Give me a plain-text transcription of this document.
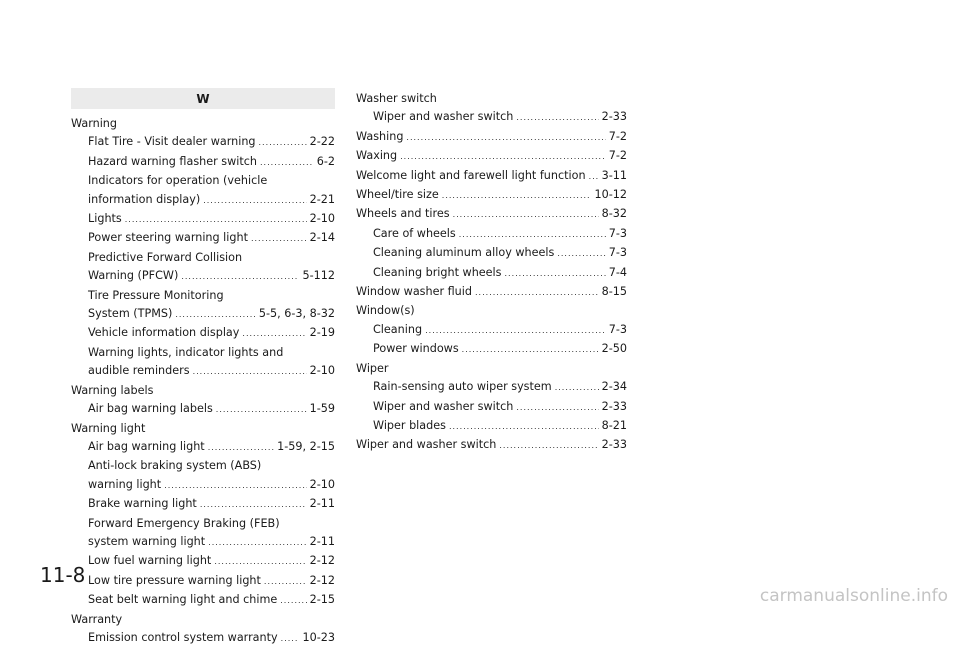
W
Warning
Flat Tire - Visit dealer warning .....	2-22
Hazard warning flasher switch .....	6-2
Indicators for operation (vehicle
information display) .....	2-21
Lights .....	2-10
Power steering warning light .....	2-14
Predictive Forward Collision
Warning (PFCW) .....	5-112
Tire Pressure Monitoring
System (TPMS) .....	5-5, 6-3, 8-32
Vehicle information display .....	2-19
Warning lights, indicator lights and
audible reminders .....	2-10
Warning labels
Air bag warning labels .....	1-59
Warning light
Air bag warning light .....	1-59, 2-15
Anti-lock braking system (ABS)
warning light .....	2-10
Brake warning light .....	2-11
Forward Emergency Braking (FEB)
system warning light .....	2-11
Low fuel warning light .....	2-12
Low tire pressure warning light .....	2-12
Seat belt warning light and chime .....	2-15
Warranty
Emission control system warranty ..... 10-23
Washer switch
Wiper and washer switch .....	2-33
Washing .....	7-2
Waxing .....	7-2
Welcome light and farewell light function ..... 3-11
Wheel/tire size .....	10-12
Wheels and tires .....	8-32
Care of wheels .....	7-3
Cleaning aluminum alloy wheels .....	7-3
Cleaning bright wheels .....	7-4
Window washer fluid .....	8-15
Window(s)
Cleaning .....	7-3
Power windows .....	2-50
Wiper
Rain-sensing auto wiper system .....	2-34
Wiper and washer switch .....	2-33
Wiper blades .....	8-21
Wiper and washer switch .....	2-33
11-8
carmanualsonline.info
